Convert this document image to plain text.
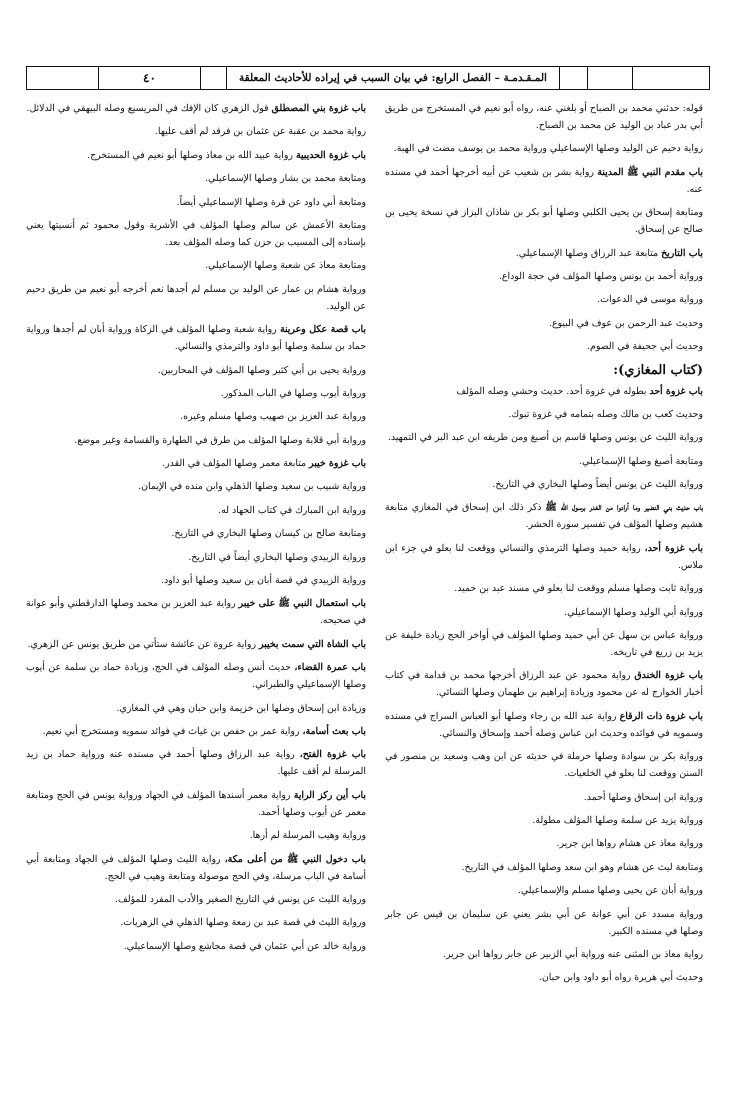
٤٠	المـقـدمـة – الفصل الرابع: في بيان السبب في إيراده للأحاديث المعلقة

قوله: حدثني محمد بن الصباح أو بلغني عنه، رواه أبو نعيم في المستخرج من طريق أبي بدر عباد بن الوليد عن محمد بن الصباح.

رواية دحيم عن الوليد وصلها الإسماعيلي ورواية محمد بن يوسف مضت في الهبة.

باب مقدم النبي ﷺ المدينة رواية بشر بن شعيب عن أبيه أخرجها أحمد في مسنده عنه.

ومتابعة إسحاق بن يحيى الكلبي وصلها أبو بكر بن شاذان البزاز في نسخة يحيى بن صالح عن إسحاق.

باب التاريخ متابعة عبد الرزاق وصلها الإسماعيلي.

ورواية أحمد بن يونس وصلها المؤلف في حجة الوداع.

ورواية موسى في الدعوات.

وحديث عبد الرحمن بن عوف في البيوع.

وحديث أبي جحيفة في الصوم.

(كتاب المغازي):

باب غزوة أحد بطوله في غزوة أحد. حديث وحشي وصله المؤلف

وحديث كعب بن مالك وصله بتمامه في غزوة تبوك.

ورواية الليث عن يونس وصلها قاسم بن أصبغ ومن طريقه ابن عبد البر في التمهيد.

ومتابعة أصبغ وصلها الإسماعيلي.

ورواية الليث عن يونس أيضاً وصلها البخاري في التاريخ.

باب حديث بني النضير وما أرادوا من الغدر برسول الله ﷺ ذكر ذلك ابن إسحاق في المغازي متابعة هشيم وصلها المؤلف في تفسير سورة الحشر.

باب غزوة أحد، رواية حميد وصلها الترمذي والنسائي ووقعت لنا بعلو في جزء ابن ملاس.

ورواية ثابت وصلها مسلم ووقعت لنا بعلو في مسند عبد بن حميد.

ورواية أبي الوليد وصلها الإسماعيلي.

ورواية عباس بن سهل عن أبي حميد وصلها المؤلف في أواخر الحج زيادة خليفة عن يزيد بن زريع في تاريخه.

باب غزوة الخندق رواية محمود عن عبد الرزاق أخرجها محمد بن قدامة في كتاب أخبار الخوارج له عن محمود وزيادة إبراهيم بن طهمان وصلها النسائي.

باب غزوة ذات الرقاع رواية عبد الله بن رجاء وصلها أبو العباس السراج في مسنده وسمويه في فوائده وحديث ابن عباس وصله أحمد وإسحاق والنسائي.

ورواية بكر بن سوادة وصلها حرملة في حديثه عن ابن وهب وسعيد بن منصور في السنن ووقعت لنا بعلو في الخلعيات.

ورواية ابن إسحاق وصلها أحمد.

ورواية يزيد عن سلمة وصلها المؤلف مطولة.

ورواية معاذ عن هشام رواها ابن جرير.

ومتابعة ليث عن هشام وهو ابن سعد وصلها المؤلف في التاريخ.

ورواية أبان عن يحيى وصلها مسلم والإسماعيلي.

ورواية مسدد عن أبي عوانة عن أبي بشر يعني عن سليمان بن قيس عن جابر وصلها في مسنده الكبير.

رواية معاذ بن المثنى عنه ورواية أبي الزبير عن جابر رواها ابن جرير.

وحديث أبي هريرة رواه أبو داود وابن حبان.

باب غزوة بني المصطلق قول الزهري كان الإفك في المريسيع وصله البيهقي في الدلائل.

رواية محمد بن عقبة عن عثمان بن فرقد لم أقف عليها.

باب غزوة الحديبية رواية عبيد الله بن معاذ وصلها أبو نعيم في المستخرج.

ومتابعة محمد بن بشار وصلها الإسماعيلي.

ومتابعة أبي داود عن قرة وصلها الإسماعيلي أيضاً.

ومتابعة الأعمش عن سالم وصلها المؤلف في الأشربة وقول محمود ثم أنسيتها يعني بإسناده إلى المسيب بن حزن كما وصله المؤلف بعد.

ومتابعة معاذ عن شعبة وصلها الإسماعيلي.

ورواية هشام بن عمار عن الوليد بن مسلم لم أجدها نعم أخرجه أبو نعيم من طريق دحيم عن الوليد.

باب قصة عكل وعرينة رواية شعبة وصلها المؤلف في الزكاة ورواية أبان لم أجدها ورواية حماد بن سلمة وصلها أبو داود والترمذي والنسائي.

ورواية يحيى بن أبي كثير وصلها المؤلف في المحاربين.

ورواية أيوب وصلها في الباب المذكور.

ورواية عبد العزيز بن صهيب وصلها مسلم وغيره.

ورواية أبي قلابة وصلها المؤلف من طرق في الطهارة والقسامة وغير موضع.

باب غزوة خيبر متابعة معمر وصلها المؤلف في القدر.

ورواية شبيب بن سعيد وصلها الذهلي وابن منده في الإيمان.

ورواية ابن المبارك في كتاب الجهاد له.

ومتابعة صالح بن كيسان وصلها البخاري في التاريخ.

ورواية الزبيدي وصلها البخاري أيضاً في التاريخ.

ورواية الزبيدي في قصة أبان بن سعيد وصلها أبو داود.

باب استعمال النبي ﷺ على خيبر رواية عبد العزيز بن محمد وصلها الدارقطني وأبو عوانة في صحيحه.

باب الشاة التي سمت بخيبر رواية عروة عن عائشة ستأتي من طريق يونس عن الزهري.

باب عمرة القضاء، حديث أنس وصله المؤلف في الحج، وزيادة حماد بن سلمة عن أيوب وصلها الإسماعيلي والطبراني.

وزيادة ابن إسحاق وصلها ابن خزيمة وابن حبان وهي في المغازي.

باب بعث أسامة، رواية عمر بن حفص بن غياث في فوائد سمويه ومستخرج أبي نعيم.

باب غزوة الفتح، رواية عبد الرزاق وصلها أحمد في مسنده عنه ورواية حماد بن زيد المرسلة لم أقف عليها.

باب أين ركز الراية رواية معمر أسندها المؤلف في الجهاد ورواية يونس في الحج ومتابعة معمر عن أيوب وصلها أحمد.

ورواية وهيب المرسلة لم أرها.

باب دخول النبي ﷺ من أعلى مكة، رواية الليث وصلها المؤلف في الجهاد ومتابعة أبي أسامة في الباب مرسلة، وفي الحج موصولة ومتابعة وهيب في الحج.

ورواية الليث عن يونس في التاريخ الصغير والأدب المفرد للمؤلف.

ورواية الليث في قصة عبد بن زمعة وصلها الذهلي في الزهريات.

ورواية خالد عن أبي عثمان في قصة مجاشع وصلها الإسماعيلي.
